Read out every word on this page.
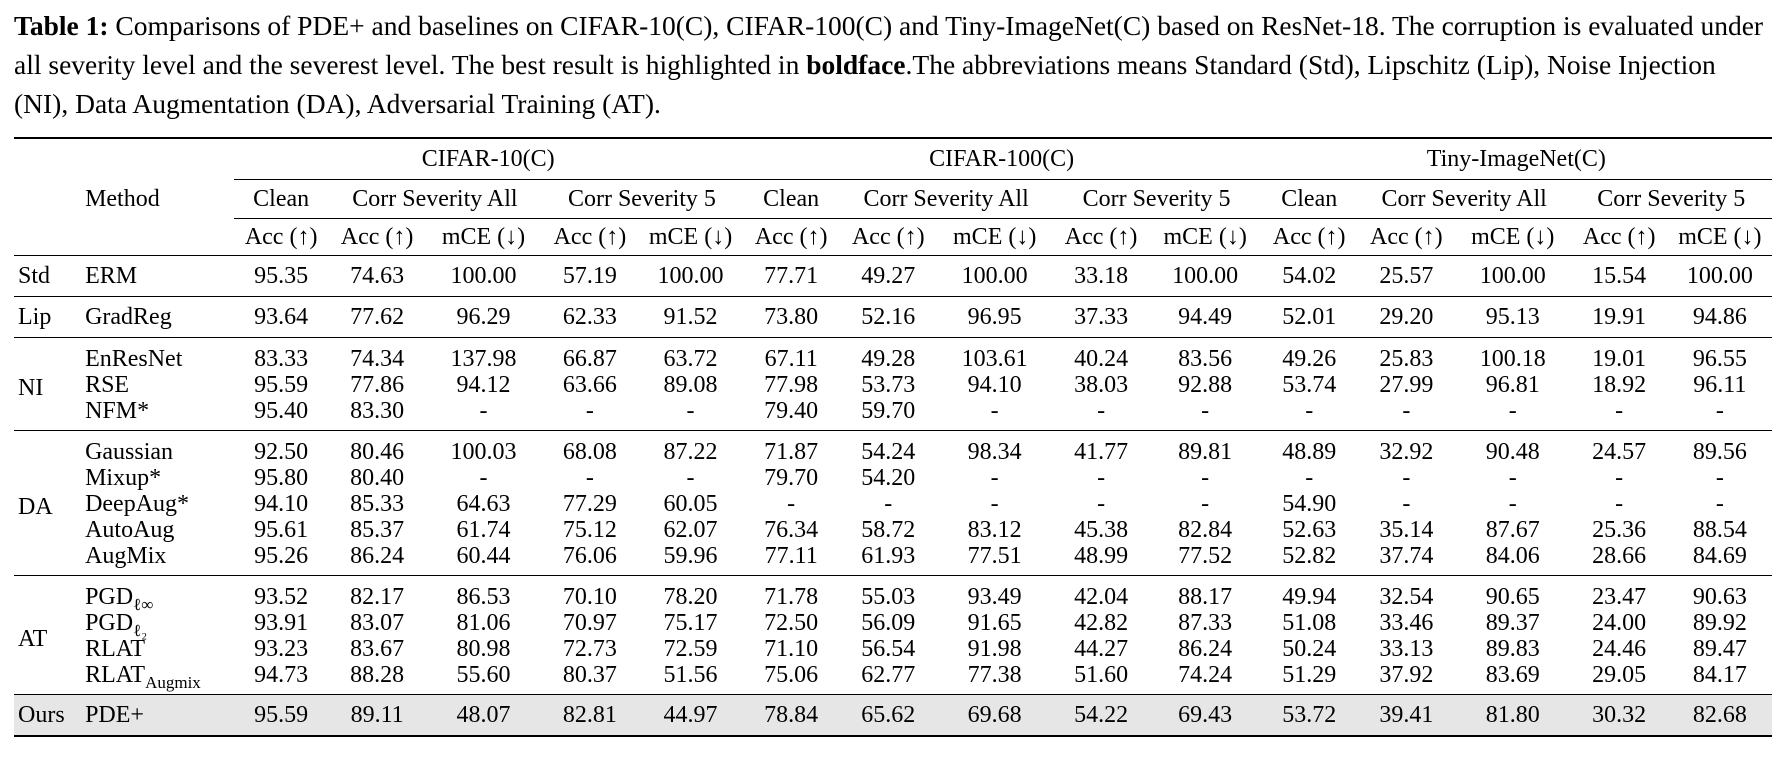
Table 1: Comparisons of PDE+ and baselines on CIFAR-10(C), CIFAR-100(C) and Tiny-ImageNet(C) based on ResNet-18. The corruption is evaluated under all severity level and the severest level. The best result is highlighted in boldface.The abbreviations means Standard (Std), Lipschitz (Lip), Noise Injection (NI), Data Augmentation (DA), Adversarial Training (AT).

		CIFAR-10(C)					CIFAR-100(C)					Tiny-ImageNet(C)				
	Method	Clean	Corr Severity All		Corr Severity 5		Clean	Corr Severity All		Corr Severity 5		Clean	Corr Severity All		Corr Severity 5	
		Acc (↑)	Acc (↑)	mCE (↓)	Acc (↑)	mCE (↓)	Acc (↑)	Acc (↑)	mCE (↓)	Acc (↑)	mCE (↓)	Acc (↑)	Acc (↑)	mCE (↓)	Acc (↑)	mCE (↓)
Std	ERM	95.35	74.63	100.00	57.19	100.00	77.71	49.27	100.00	33.18	100.00	54.02	25.57	100.00	15.54	100.00
Lip	GradReg	93.64	77.62	96.29	62.33	91.52	73.80	52.16	96.95	37.33	94.49	52.01	29.20	95.13	19.91	94.86
NI	EnResNet	83.33	74.34	137.98	66.87	63.72	67.11	49.28	103.61	40.24	83.56	49.26	25.83	100.18	19.01	96.55
	RSE	95.59	77.86	94.12	63.66	89.08	77.98	53.73	94.10	38.03	92.88	53.74	27.99	96.81	18.92	96.11
	NFM*	95.40	83.30	-	-	-	79.40	59.70	-	-	-	-	-	-	-	-
DA	Gaussian	92.50	80.46	100.03	68.08	87.22	71.87	54.24	98.34	41.77	89.81	48.89	32.92	90.48	24.57	89.56
	Mixup*	95.80	80.40	-	-	-	79.70	54.20	-	-	-	-	-	-	-	-
	DeepAug*	94.10	85.33	64.63	77.29	60.05	-	-	-	-	-	54.90	-	-	-	-
	AutoAug	95.61	85.37	61.74	75.12	62.07	76.34	58.72	83.12	45.38	82.84	52.63	35.14	87.67	25.36	88.54
	AugMix	95.26	86.24	60.44	76.06	59.96	77.11	61.93	77.51	48.99	77.52	52.82	37.74	84.06	28.66	84.69
AT	$PGD_{\ell\infty}$	93.52	82.17	86.53	70.10	78.20	71.78	55.03	93.49	42.04	88.17	49.94	32.54	90.65	23.47	90.63
	$PGD_{\ell_2}$	93.91	83.07	81.06	70.97	75.17	72.50	56.09	91.65	42.82	87.33	51.08	33.46	89.37	24.00	89.92
	RLAT	93.23	83.67	80.98	72.73	72.59	71.10	56.54	91.98	44.27	86.24	50.24	33.13	89.83	24.46	89.47
	$RLAT_{Augmix}$	94.73	88.28	55.60	80.37	51.56	75.06	62.77	77.38	51.60	74.24	51.29	37.92	83.69	29.05	84.17
Ours	PDE+	95.59	89.11	48.07	82.81	44.97	78.84	65.62	69.68	54.22	69.43	53.72	39.41	81.80	30.32	82.68
